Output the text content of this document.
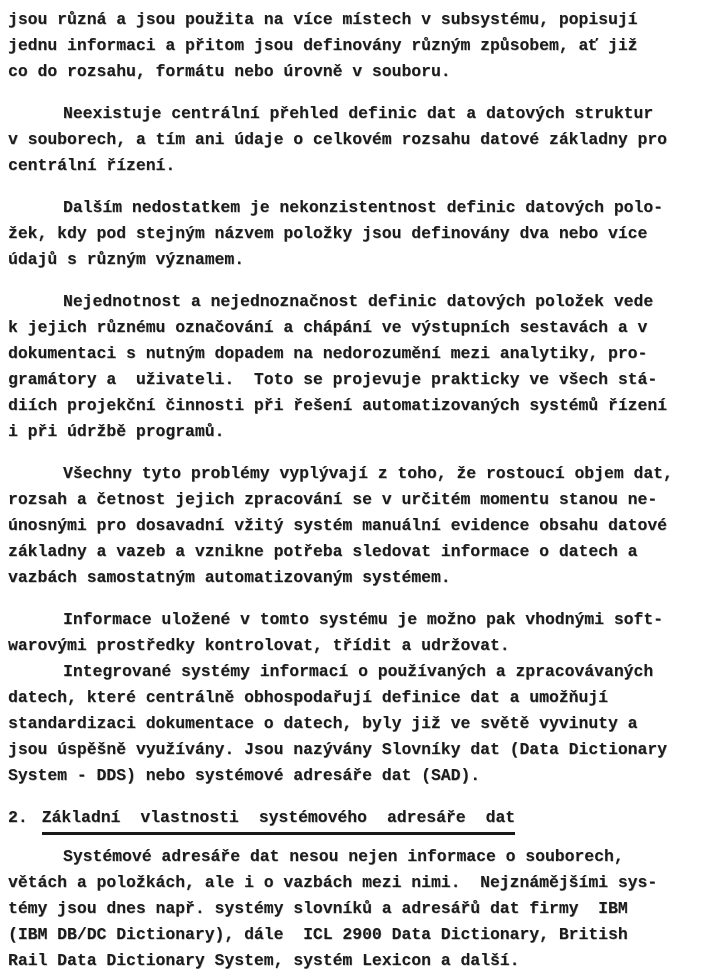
jsou různá a jsou použita na více místech v subsystému, popisují
jednu informaci a přitom jsou definovány různým způsobem, ať již
co do rozsahu, formátu nebo úrovně v souboru.

Neexistuje centrální přehled definic dat a datových struktur
v souborech, a tím ani údaje o celkovém rozsahu datové základny pro
centrální řízení.

Dalším nedostatkem je nekonzistentnost definic datových polo-
žek, kdy pod stejným názvem položky jsou definovány dva nebo více
údajů s různým významem.

Nejednotnost a nejednoznačnost definic datových položek vede
k jejich různému označování a chápání ve výstupních sestavách a v
dokumentaci s nutným dopadem na nedorozumění mezi analytiky, pro-
gramátory a  uživateli.  Toto se projevuje prakticky ve všech stá-
diích projekční činnosti při řešení automatizovaných systémů řízení
i při údržbě programů.

Všechny tyto problémy vyplývají z toho, že rostoucí objem dat,
rozsah a četnost jejich zpracování se v určitém momentu stanou ne-
únosnými pro dosavadní vžitý systém manuální evidence obsahu datové
základny a vazeb a vznikne potřeba sledovat informace o datech a
vazbách samostatným automatizovaným systémem.

Informace uložené v tomto systému je možno pak vhodnými soft-
warovými prostředky kontrolovat, třídit a udržovat.

Integrované systémy informací o používaných a zpracovávaných
datech, které centrálně obhospodařují definice dat a umožňují
standardizaci dokumentace o datech, byly již ve světě vyvinuty a
jsou úspěšně využívány. Jsou nazývány Slovníky dat (Data Dictionary
System - DDS) nebo systémové adresáře dat (SAD).

2. Základní vlastnosti systémového adresáře dat

Systémové adresáře dat nesou nejen informace o souborech,
větách a položkách, ale i o vazbách mezi nimi.  Nejznámějšími sys-
témy jsou dnes např. systémy slovníků a adresářů dat firmy  IBM
(IBM DB/DC Dictionary), dále  ICL 2900 Data Dictionary, British
Rail Data Dictionary System, systém Lexicon a další.
